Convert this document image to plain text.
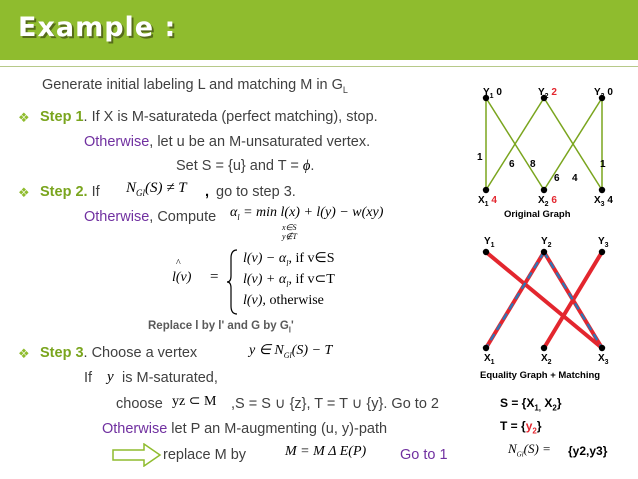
Example :
Generate initial labeling L and matching M in $G_L$
❖ Step 1. If X is M-saturateda (perfect matching), stop.
Otherwise, let u be an M-unsaturated vertex.
Set S = {u} and T = ϕ.
❖ Step 2. If $N_{Gl}(S) \ne T$ , go to step 3.
Otherwise, Compute $\alpha_l = \min l(x) + l(y) - w(xy)$
x∈S
y∉T
^
l(v) =
$l(v) - \alpha_l$, if v∈S
$l(v) + \alpha_l$, if v⊂T
l(v), otherwise
Replace l by l' and G by $G_l'$
❖ Step 3. Choose a vertex	y ∈ $N_{Gl}(S) - T$
If y is M-saturated,
choose yz ⊂ M ,S = S ∪ {z}, T = T ∪ {y}. Go to 2
Otherwise let P an M-augmenting (u, y)-path
replace M by	M = M Δ E(P) Go to 1
$Y_1$ 0	$Y_2$ 2	$Y_3$ 0
$X_1$ 4	$X_2$ 6	$X_3$ 4
1
6 8	1
6 4
Original Graph
$Y_1$	$Y_2$	$Y_3$
$X_1$	$X_2$	$X_3$
Equality Graph + Matching
$S = \{X_{1,}$ $X_2$}
$T = \{y_2\}$
$N_{Gl}(S) = \{y2,y3\}$
